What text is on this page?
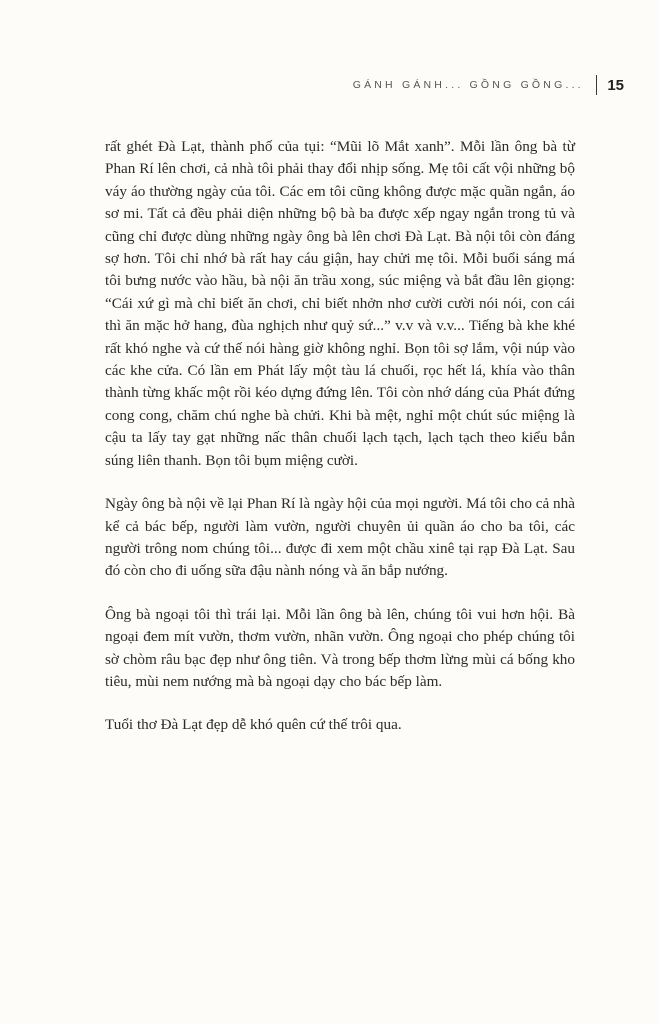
GÁNH GÁNH... GỒNG GỒNG... 15

rất ghét Đà Lạt, thành phố của tụi: “Mũi lõ Mắt xanh”. Mỗi lần ông bà từ Phan Rí lên chơi, cả nhà tôi phải thay đổi nhịp sống. Mẹ tôi cất vội những bộ váy áo thường ngày của tôi. Các em tôi cũng không được mặc quần ngắn, áo sơ mi. Tất cả đều phải diện những bộ bà ba được xếp ngay ngắn trong tủ và cũng chỉ được dùng những ngày ông bà lên chơi Đà Lạt. Bà nội tôi còn đáng sợ hơn. Tôi chỉ nhớ bà rất hay cáu giận, hay chửi mẹ tôi. Mỗi buổi sáng má tôi bưng nước vào hầu, bà nội ăn trầu xong, súc miệng và bắt đầu lên giọng: “Cái xứ gì mà chỉ biết ăn chơi, chỉ biết nhởn nhơ cười cười nói nói, con cái thì ăn mặc hở hang, đùa nghịch như quỷ sứ...” v.v và v.v... Tiếng bà khe khé rất khó nghe và cứ thế nói hàng giờ không nghỉ. Bọn tôi sợ lắm, vội núp vào các khe cửa. Có lần em Phát lấy một tàu lá chuối, rọc hết lá, khía vào thân thành từng khấc một rồi kéo dựng đứng lên. Tôi còn nhớ dáng của Phát đứng cong cong, chăm chú nghe bà chửi. Khi bà mệt, nghỉ một chút súc miệng là cậu ta lấy tay gạt những nấc thân chuối lạch tạch, lạch tạch theo kiểu bắn súng liên thanh. Bọn tôi bụm miệng cười.

Ngày ông bà nội về lại Phan Rí là ngày hội của mọi người. Má tôi cho cả nhà kể cả bác bếp, người làm vườn, người chuyên ủi quần áo cho ba tôi, các người trông nom chúng tôi... được đi xem một chầu xinê tại rạp Đà Lạt. Sau đó còn cho đi uống sữa đậu nành nóng và ăn bắp nướng.

Ông bà ngoại tôi thì trái lại. Mỗi lần ông bà lên, chúng tôi vui hơn hội. Bà ngoại đem mít vườn, thơm vườn, nhãn vườn. Ông ngoại cho phép chúng tôi sờ chòm râu bạc đẹp như ông tiên. Và trong bếp thơm lừng mùi cá bống kho tiêu, mùi nem nướng mà bà ngoại dạy cho bác bếp làm.

Tuổi thơ Đà Lạt đẹp dễ khó quên cứ thế trôi qua.
